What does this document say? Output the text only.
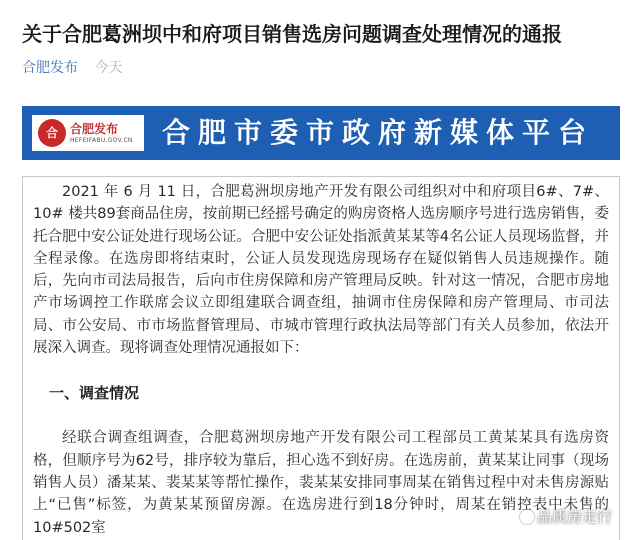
关于合肥葛洲坝中和府项目销售选房问题调查处理情况的通报
合肥发布 今天
合	合肥发布
HEFEIFABU.GOV.CN 合肥市委市政府新媒体平台

2021 年 6 月 11 日，合肥葛洲坝房地产开发有限公司组织对中和府项目6#、7#、10# 楼共89套商品住房，按前期已经摇号确定的购房资格人选房顺序号进行选房销售，委托合肥中安公证处进行现场公证。合肥中安公证处指派黄某某等4名公证人员现场监督，并全程录像。在选房即将结束时，公证人员发现选房现场存在疑似销售人员违规操作。随后，先向市司法局报告，后向市住房保障和房产管理局反映。针对这一情况，合肥市房地产市场调控工作联席会议立即组建联合调查组，抽调市住房保障和房产管理局、市司法局、市公安局、市市场监督管理局、市城市管理行政执法局等部门有关人员参加，依法开展深入调查。现将调查处理情况通报如下：

一、调查情况

经联合调查组调查，合肥葛洲坝房地产开发有限公司工程部员工黄某某具有选房资格，但顺序号为62号，排序较为靠后，担心选不到好房。在选房前，黄某某让同事（现场销售人员）潘某某、裴某某等帮忙操作，裴某某安排同事周某在销售过程中对未售房源贴上“已售”标签，为黄某某预留房源。在选房进行到18分钟时，周某在销控表中未售的10#502室

品质房走行
